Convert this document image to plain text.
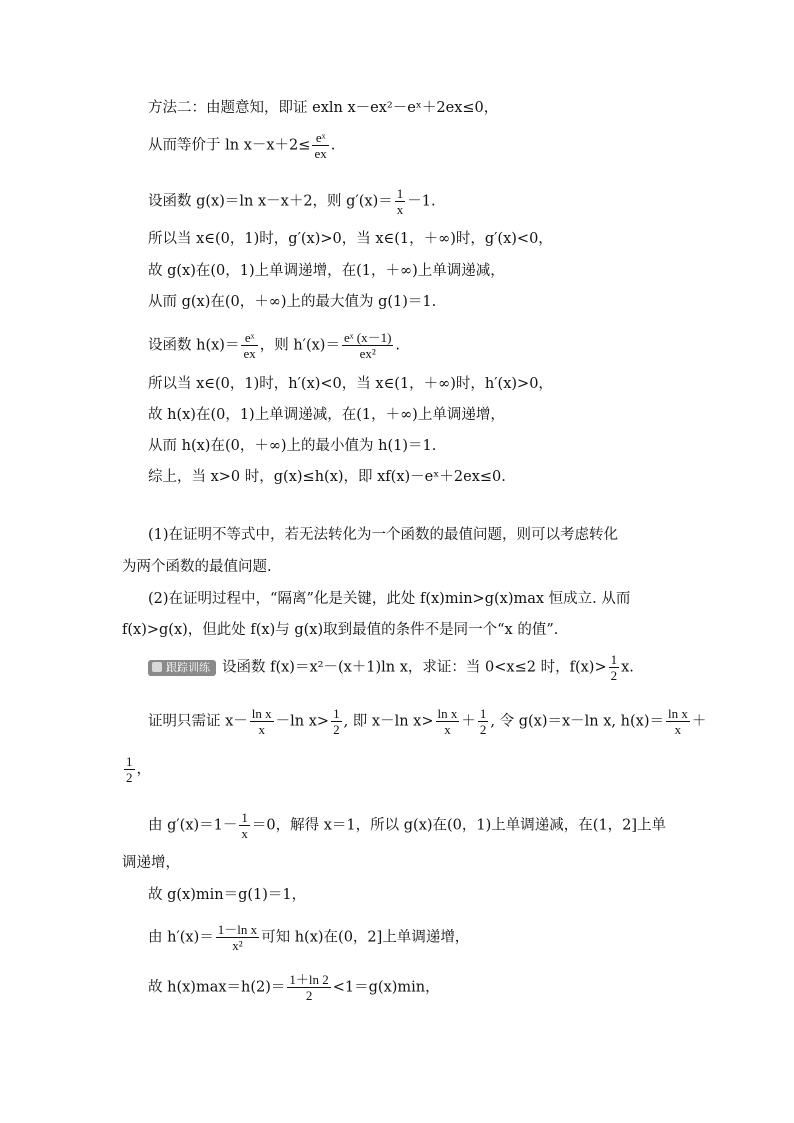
方法二：由题意知，即证 exln x－ex²－eˣ＋2ex≤0，
从而等价于 $\ln x-x+2\le \frac{\text{eˣ}}{ex}$ .
设函数 g(x)＝ln x－x＋2，则 $g'(x)= \frac{1}{x} -1$.
所以当 x∈(0，1)时，g′(x)>0，当 x∈(1，＋∞)时，g′(x)<0，
故 g(x)在(0，1)上单调递增，在(1，＋∞)上单调递减，
从而 g(x)在(0，＋∞)上的最大值为 g(1)＝1.
设函数 $h(x)= \frac{\text{eˣ}}{ex}$ ，则 $h'(x)= \frac{\text{eˣ (x－1)}}{\text{ex²}}$ .
所以当 x∈(0，1)时，h′(x)<0，当 x∈(1，＋∞)时，h′(x)>0，
故 h(x)在(0，1)上单调递减，在(1，＋∞)上单调递增，
从而 h(x)在(0，＋∞)上的最小值为 h(1)＝1.
综上，当 x>0 时，g(x)≤h(x)，即 xf(x)－eˣ＋2ex≤0.
(1)在证明不等式中，若无法转化为一个函数的最值问题，则可以考虑转化
为两个函数的最值问题.
(2)在证明过程中，“隔离”化是关键，此处 f(x)min>g(x)max 恒成立. 从而
f(x)>g(x)，但此处 f(x)与 g(x)取到最值的条件不是同一个“x 的值”.
跟踪训练 设函数 f(x)＝x²－(x＋1)ln x，求证：当 0<x≤2 时，$f(x)> \frac{1}{2} x$.
证明只需证 $x- \frac{\text{ln x}}{x} -\ln$ $x> \frac{1}{2}$ , 即 x－ln $x> \frac{\text{ln x}}{x} + \frac{1}{2}$ , 令 g(x)＝x－ln x, $h(x)= \frac{\text{ln x}}{x}$ ＋
$\frac{1}{2}$ ，
由 $g'(x)=1- \frac{1}{x} =0$，解得 x＝1，所以 g(x)在(0，1)上单调递减，在(1，2]上单
调递增，
故 g(x)min＝g(1)＝1，
由 $h'(x)= \frac{\text{1－ln x}}{\text{x²}}$ 可知 h(x)在(0，2]上单调递增，
故 $h(x)\max=h(2)= \frac{1+\ln 2}{2} <1=g(x)\min$，
